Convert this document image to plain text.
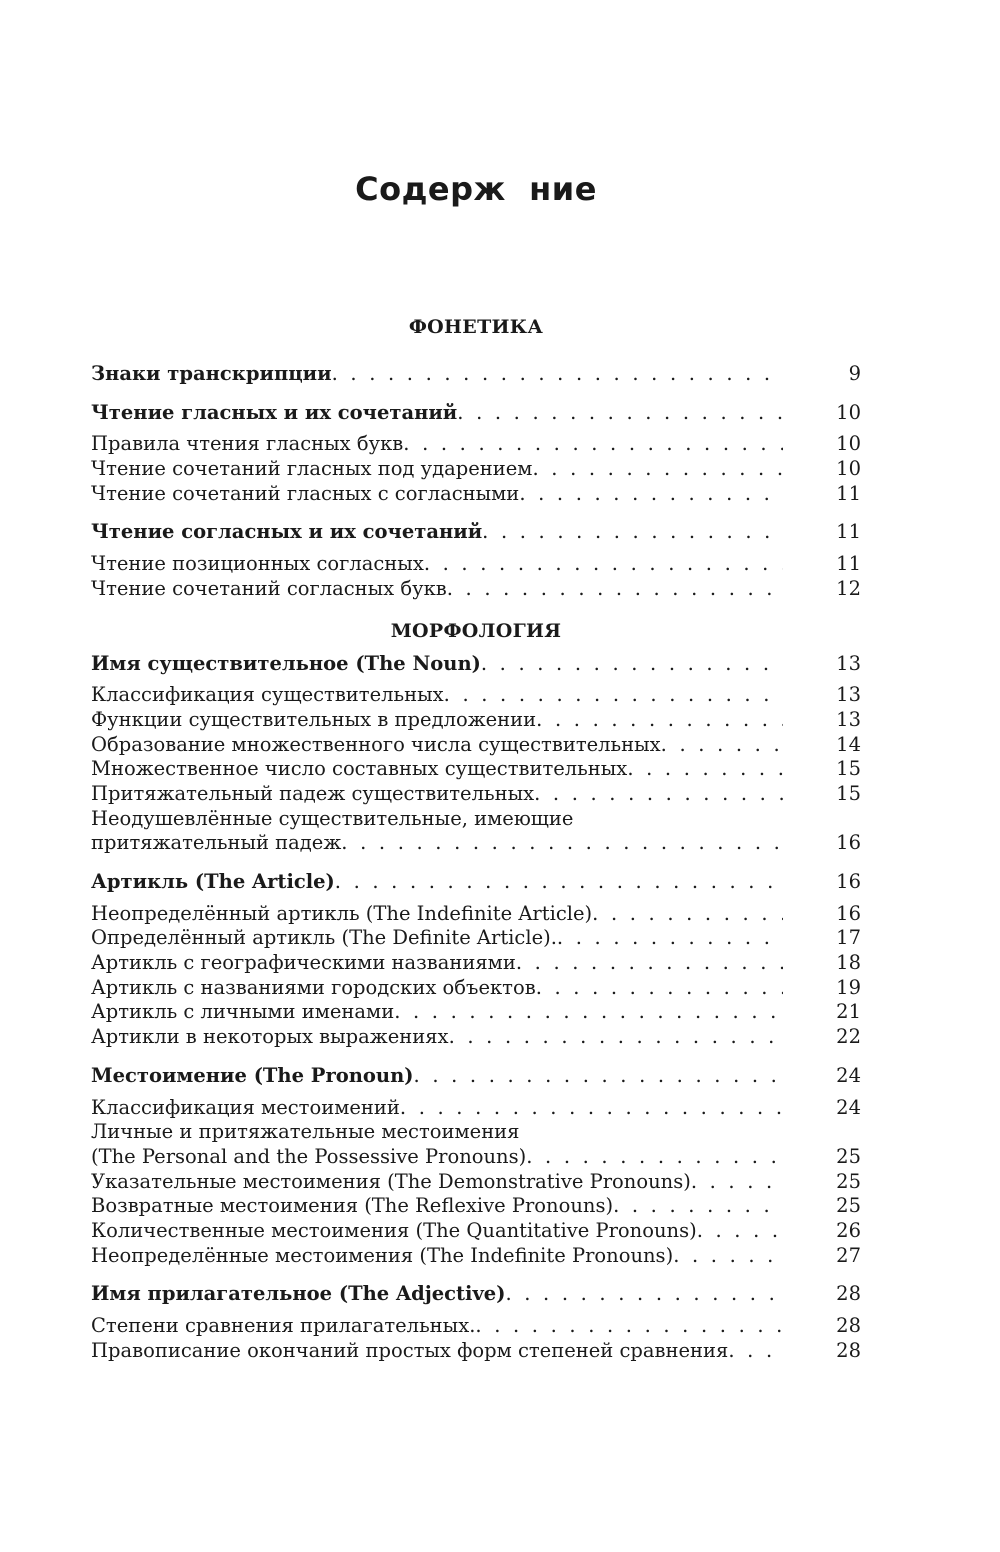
Содерж  ние
ФОНЕТИКА
Знаки транскрипции . . .	9
Чтение гласных и их сочетаний . . .	10
Правила чтения гласных букв . . .	10
Чтение сочетаний гласных под ударением . . .	10
Чтение сочетаний гласных с согласными . . .	11
Чтение согласных и их сочетаний . . .	11
Чтение позиционных согласных . . .	11
Чтение сочетаний согласных букв . . .	12
МОРФОЛОГИЯ
Имя существительное (The Noun) . . .	13
Классификация существительных . . .	13
Функции существительных в предложении . . .	13
Образование множественного числа существительных . . .	14
Множественное число составных существительных . . .	15
Притяжательный падеж существительных . . .	15
Неодушевлённые существительные, имеющие
притяжательный падеж . . .	16
Артикль (The Article) . . .	16
Неопределённый артикль (The Indefinite Article) . . .	16
Определённый артикль (The Definite Article). . . .	17
Артикль с географическими названиями . . .	18
Артикль с названиями городских объектов . . .	19
Артикль с личными именами . . .	21
Артикли в некоторых выражениях . . .	22
Местоимение (The Pronoun) . . .	24
Классификация местоимений . . .	24
Личные и притяжательные местоимения
(The Personal and the Possessive Pronouns) . . .	25
Указательные местоимения (The Demonstrative Pronouns) . . .	25
Возвратные местоимения (The Reflexive Pronouns) . . .	25
Количественные местоимения (The Quantitative Pronouns) . . .	26
Неопределённые местоимения (The Indefinite Pronouns) . . .	27
Имя прилагательное (The Adjective) . . .	28
Степени сравнения прилагательных. . . .	28
Правописание окончаний простых форм степеней сравнения . . .	28
